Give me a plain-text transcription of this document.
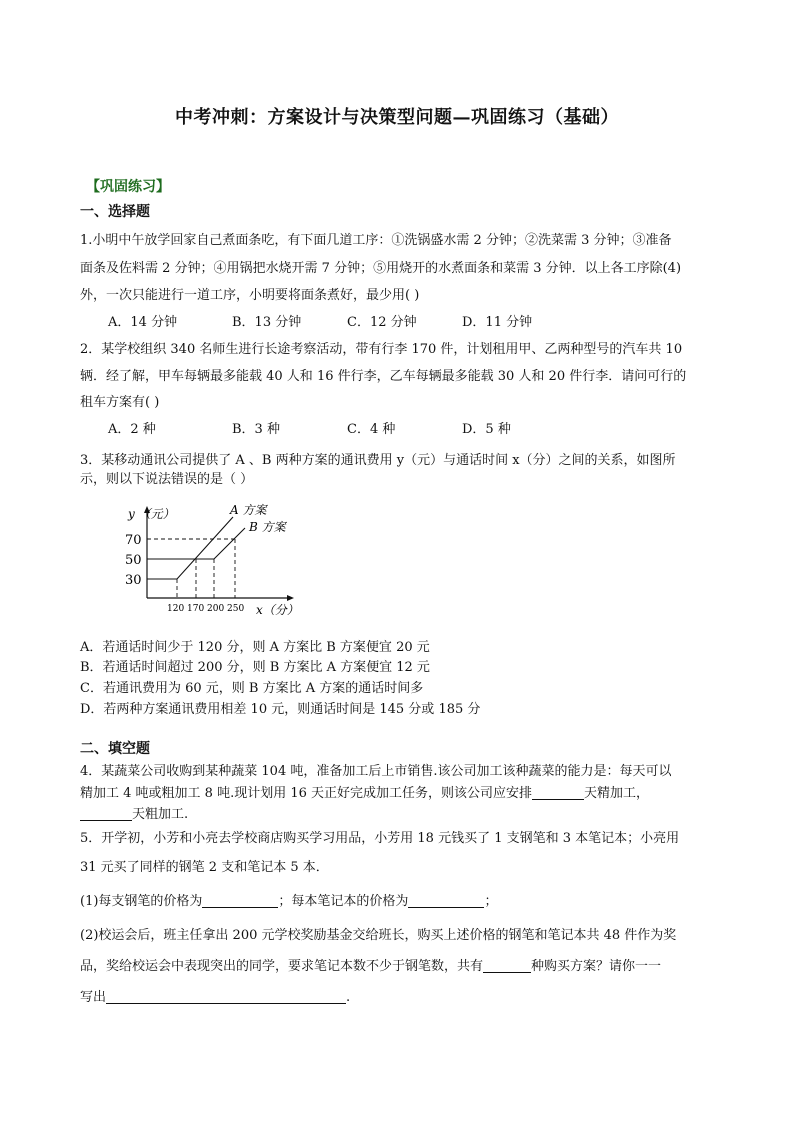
中考冲刺：方案设计与决策型问题—巩固练习（基础）
【巩固练习】
一、选择题
1.小明中午放学回家自己煮面条吃，有下面几道工序：①洗锅盛水需 2 分钟；②洗菜需 3 分钟；③准备
面条及佐料需 2 分钟；④用锅把水烧开需 7 分钟；⑤用烧开的水煮面条和菜需 3 分钟．以上各工序除(4)
外，一次只能进行一道工序，小明要将面条煮好，最少用( )
A．14 分钟	B．13 分钟	C．12 分钟	D．11 分钟
2．某学校组织 340 名师生进行长途考察活动，带有行李 170 件，计划租用甲、乙两种型号的汽车共 10
辆．经了解，甲车每辆最多能载 40 人和 16 件行李，乙车每辆最多能载 30 人和 20 件行李．请问可行的
租车方案有( )
A．2 种	B．3 种	C．4 种	D．5 种
3．某移动通讯公司提供了 A 、B 两种方案的通讯费用 y（元）与通话时间 x（分）之间的关系，如图所
示，则以下说法错误的是（ ）
y （元）
x（分）
70
50
30
120 170 200 250
A 方案
B 方案
A．若通话时间少于 120 分，则 A 方案比 B 方案便宜 20 元
B．若通话时间超过 200 分，则 B 方案比 A 方案便宜 12 元
C．若通讯费用为 60 元，则 B 方案比 A 方案的通话时间多
D．若两种方案通讯费用相差 10 元，则通话时间是 145 分或 185 分
二、填空题
4．某蔬菜公司收购到某种蔬菜 104 吨，准备加工后上市销售.该公司加工该种蔬菜的能力是：每天可以
精加工 4 吨或粗加工 8 吨.现计划用 16 天正好完成加工任务，则该公司应安排	天精加工，
天粗加工.
5．开学初，小芳和小亮去学校商店购买学习用品，小芳用 18 元钱买了 1 支钢笔和 3 本笔记本；小亮用
31 元买了同样的钢笔 2 支和笔记本 5 本．
(1)每支钢笔的价格为	；每本笔记本的价格为	；
(2)校运会后，班主任拿出 200 元学校奖励基金交给班长，购买上述价格的钢笔和笔记本共 48 件作为奖
品，奖给校运会中表现突出的同学，要求笔记本数不少于钢笔数，共有	种购买方案？请你一一
写出	.
